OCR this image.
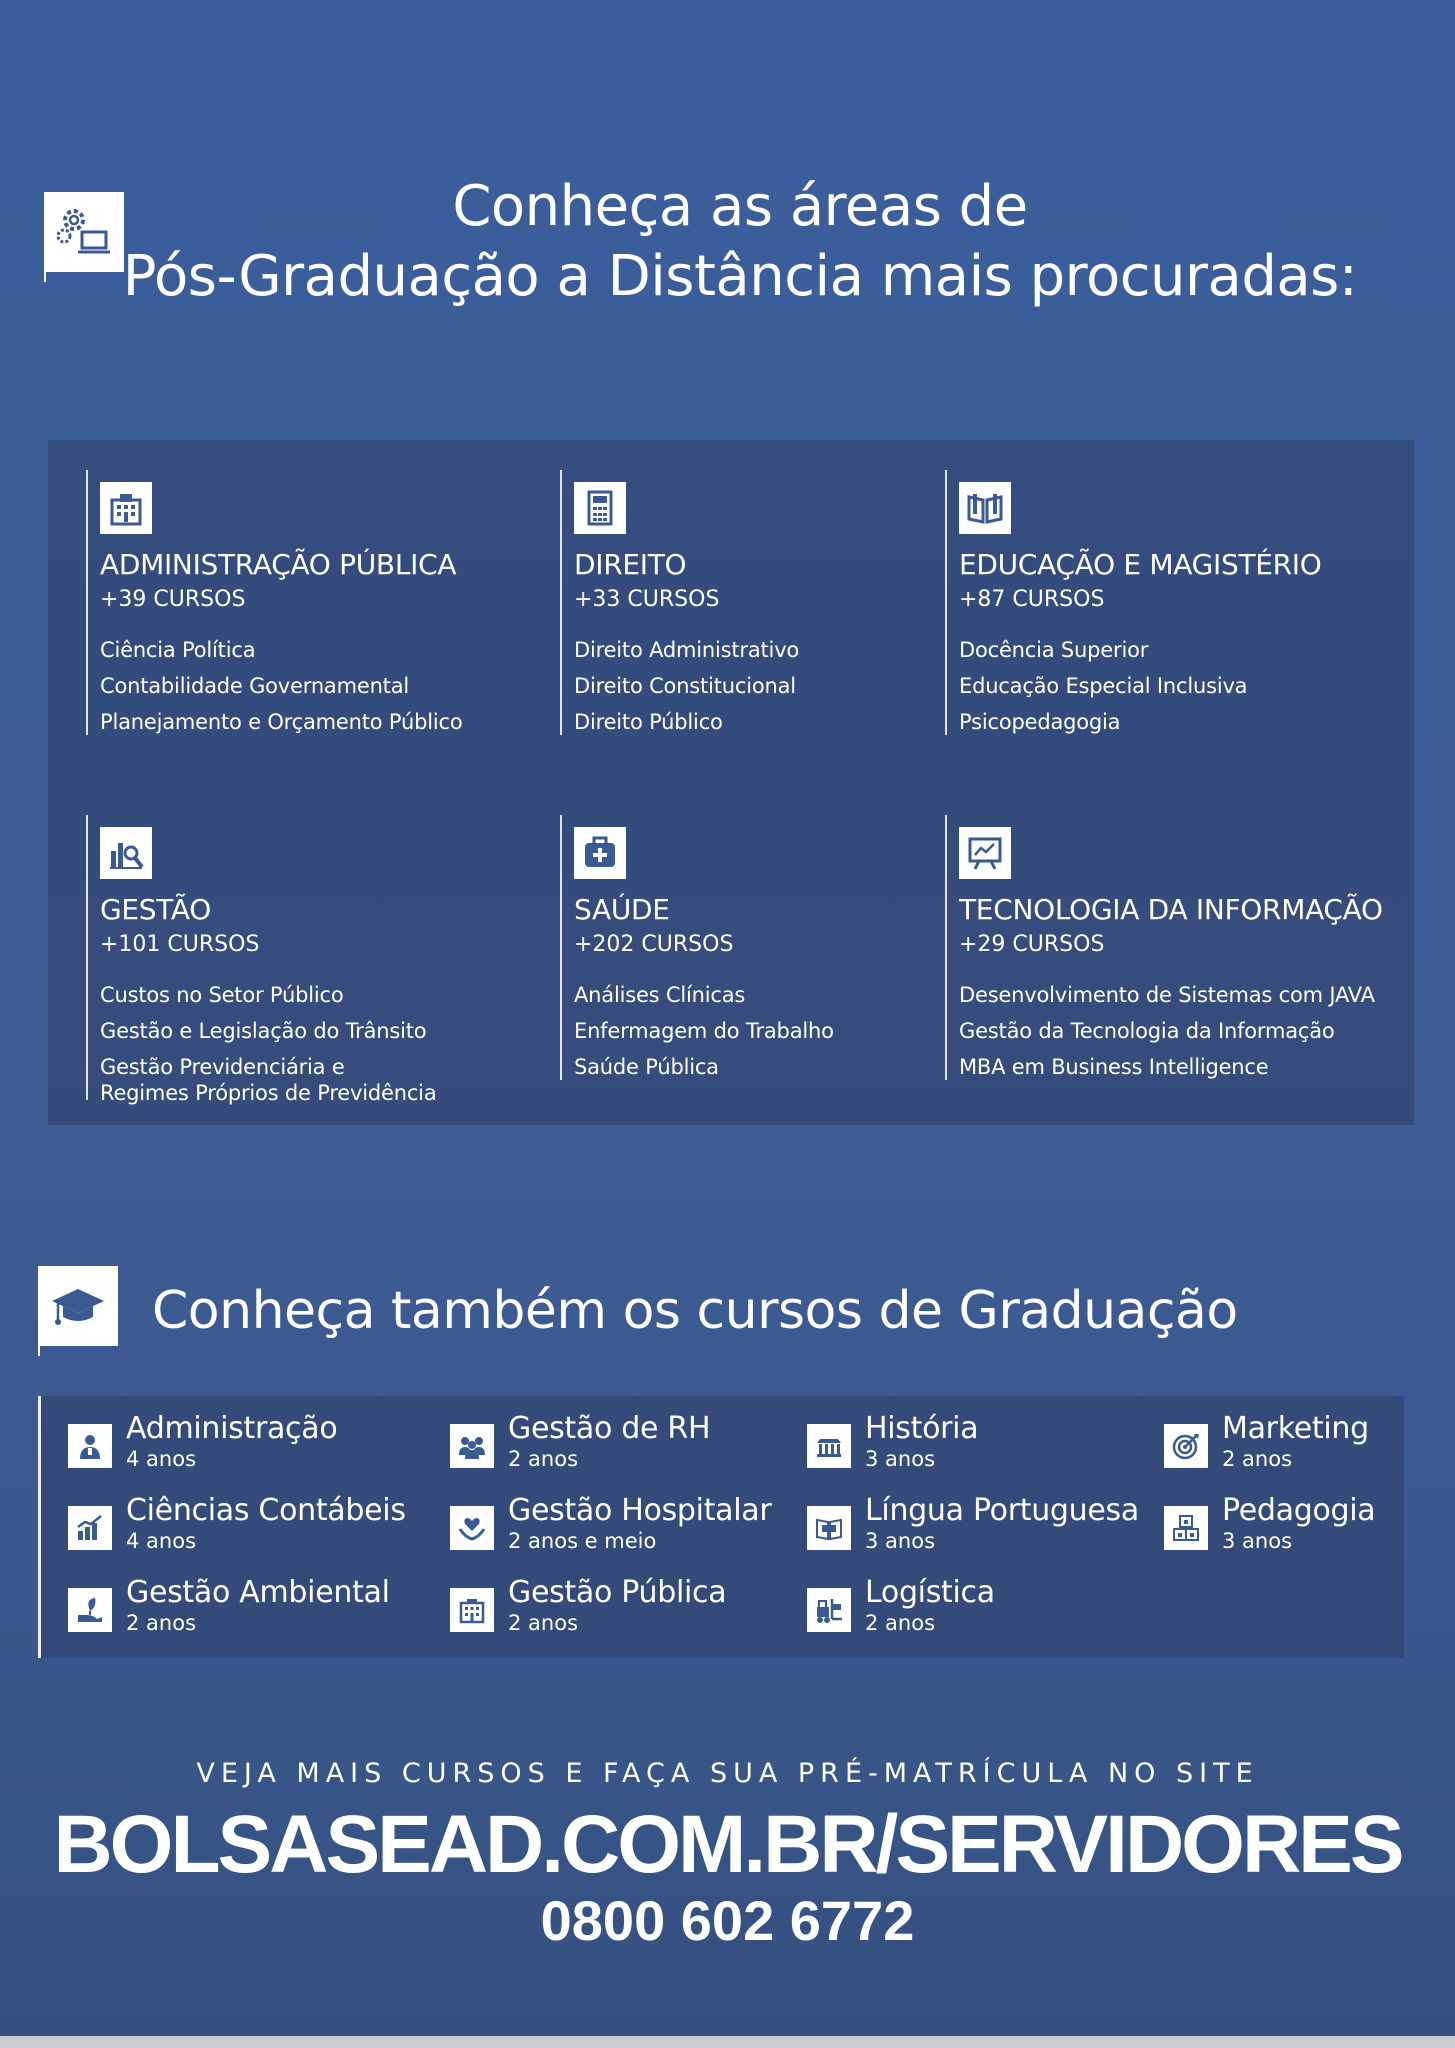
Conheça as áreas de
Pós-Graduação a Distância mais procuradas:
ADMINISTRAÇÃO PÚBLICA
+39 CURSOS
Ciência Política
Contabilidade Governamental
Planejamento e Orçamento Público
DIREITO
+33 CURSOS
Direito Administrativo
Direito Constitucional
Direito Público
EDUCAÇÃO E MAGISTÉRIO
+87 CURSOS
Docência Superior
Educação Especial Inclusiva
Psicopedagogia
GESTÃO
+101 CURSOS
Custos no Setor Público
Gestão e Legislação do Trânsito
Gestão Previdenciária e
Regimes Próprios de Previdência
SAÚDE
+202 CURSOS
Análises Clínicas
Enfermagem do Trabalho
Saúde Pública
TECNOLOGIA DA INFORMAÇÃO
+29 CURSOS
Desenvolvimento de Sistemas com JAVA
Gestão da Tecnologia da Informação
MBA em Business Intelligence
Conheça também os cursos de Graduação
Administração
4 anos
Ciências Contábeis
4 anos
Gestão Ambiental
2 anos
Gestão de RH
2 anos
Gestão Hospitalar
2 anos e meio
Gestão Pública
2 anos
História
3 anos
Língua Portuguesa
3 anos
Logística
2 anos
Marketing
2 anos
Pedagogia
3 anos
VEJA MAIS CURSOS E FAÇA SUA PRÉ-MATRÍCULA NO SITE
BOLSASEAD.COM.BR/SERVIDORES
0800 602 6772
